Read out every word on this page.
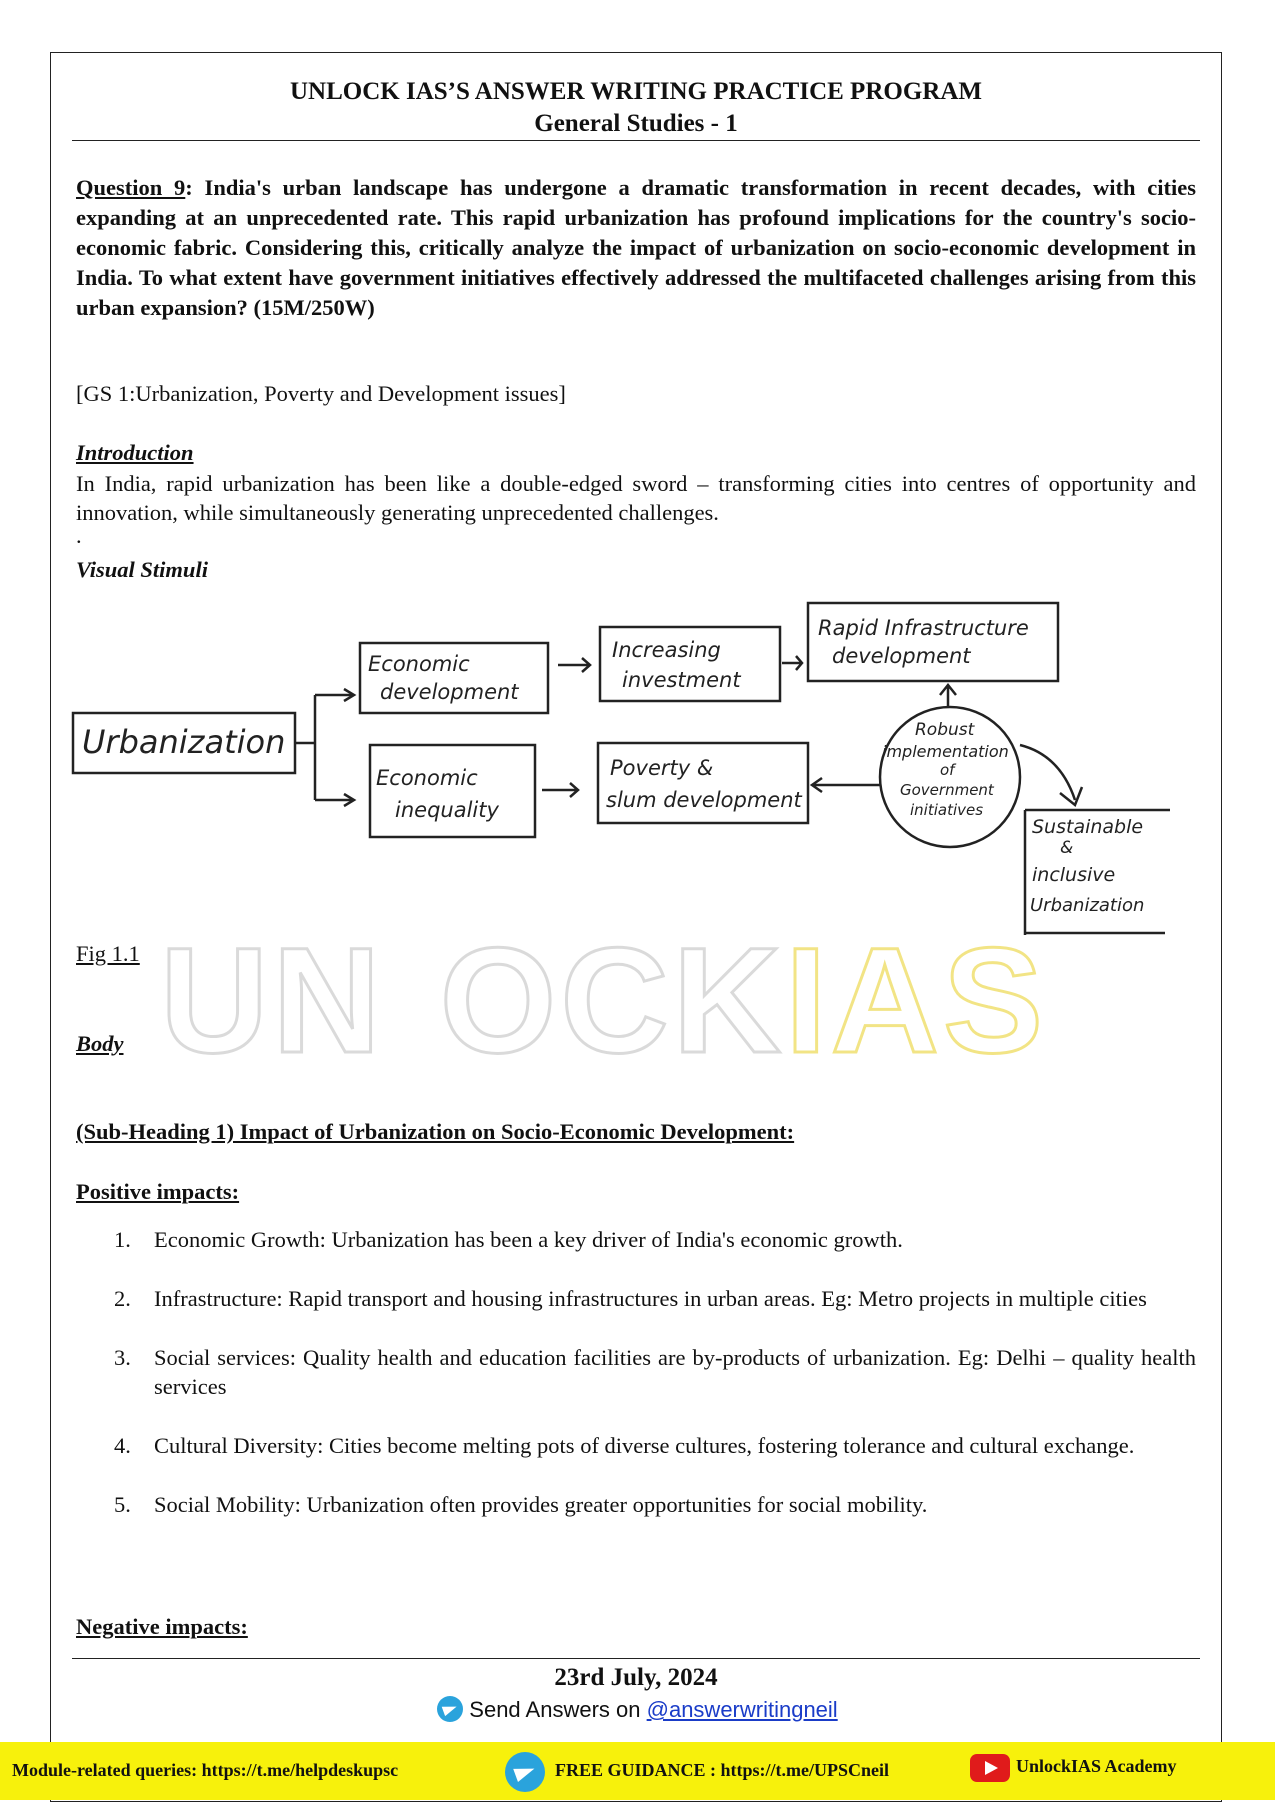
UNLOCK IAS’S ANSWER WRITING PRACTICE PROGRAM
General Studies - 1
Question 9: India's urban landscape has undergone a dramatic transformation in recent decades, with cities expanding at an unprecedented rate. This rapid urbanization has profound implications for the country's socio- economic fabric. Considering this, critically analyze the impact of urbanization on socio-economic development in India. To what extent have government initiatives effectively addressed the multifaceted challenges arising from this urban expansion? (15M/250W)
[GS 1:Urbanization, Poverty and Development issues]
Introduction
In India, rapid urbanization has been like a double-edged sword – transforming cities into centres of opportunity and innovation, while simultaneously generating unprecedented challenges.
.
Visual Stimuli
Urbanization
Economic
development
Increasing
investment
Rapid Infrastructure
development
Economic
inequality
Poverty &
slum development
Robust
implementation
of
Government
initiatives
Sustainable
&
inclusive
Urbanization
Fig 1.1 UN OCKIAS
Body
(Sub-Heading 1) Impact of Urbanization on Socio-Economic Development:
Positive impacts:
1. Economic Growth: Urbanization has been a key driver of India's economic growth.
2. Infrastructure: Rapid transport and housing infrastructures in urban areas. Eg: Metro projects in multiple cities
3. Social services: Quality health and education facilities are by-products of urbanization. Eg: Delhi – quality health services
4. Cultural Diversity: Cities become melting pots of diverse cultures, fostering tolerance and cultural exchange.
5. Social Mobility: Urbanization often provides greater opportunities for social mobility.
Negative impacts:
23rd July, 2024
Send Answers on @answerwritingneil
Module-related queries: https://t.me/helpdeskupsc	FREE GUIDANCE : https://t.me/UPSCneil	UnlockIAS Academy
